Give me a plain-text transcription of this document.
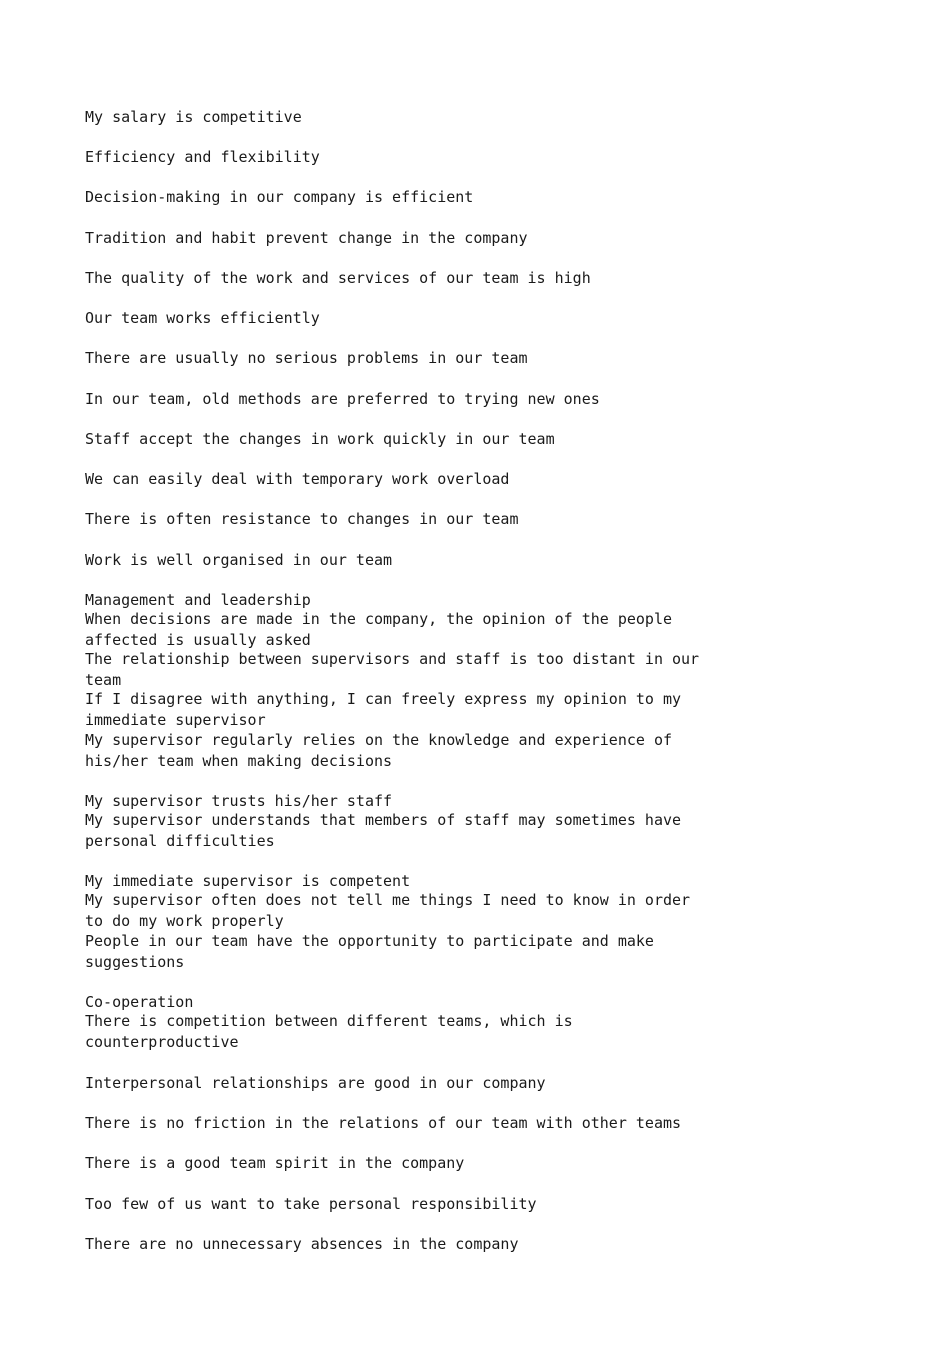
My salary is competitive

Efficiency and flexibility

Decision-making in our company is efficient

Tradition and habit prevent change in the company

The quality of the work and services of our team is high

Our team works efficiently

There are usually no serious problems in our team

In our team, old methods are preferred to trying new ones

Staff accept the changes in work quickly in our team

We can easily deal with temporary work overload

There is often resistance to changes in our team

Work is well organised in our team

Management and leadership

When decisions are made in the company, the opinion of the people

affected is usually asked

The relationship between supervisors and staff is too distant in our

team

If I disagree with anything, I can freely express my opinion to my

immediate supervisor

My supervisor regularly relies on the knowledge and experience of

his/her team when making decisions

My supervisor trusts his/her staff

My supervisor understands that members of staff may sometimes have

personal difficulties

My immediate supervisor is competent

My supervisor often does not tell me things I need to know in order

to do my work properly

People in our team have the opportunity to participate and make

suggestions

Co-operation

There is competition between different teams, which is

counterproductive

Interpersonal relationships are good in our company

There is no friction in the relations of our team with other teams

There is a good team spirit in the company

Too few of us want to take personal responsibility

There are no unnecessary absences in the company
